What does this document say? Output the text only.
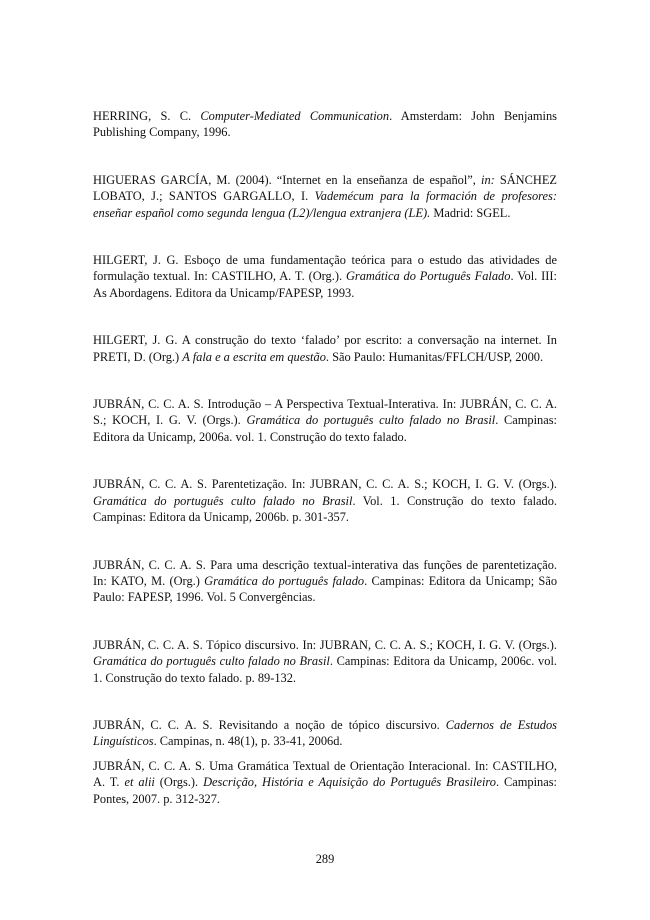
HERRING, S. C. Computer-Mediated Communication. Amsterdam: John Benjamins Publishing Company, 1996.

HIGUERAS GARCÍA, M. (2004). “Internet en la enseñanza de español”, in: SÁNCHEZ LOBATO, J.; SANTOS GARGALLO, I. Vademécum para la formación de profesores: enseñar español como segunda lengua (L2)/lengua extranjera (LE). Madrid: SGEL.

HILGERT, J. G. Esboço de uma fundamentação teórica para o estudo das atividades de formulação textual. In: CASTILHO, A. T. (Org.). Gramática do Português Falado. Vol. III: As Abordagens. Editora da Unicamp/FAPESP, 1993.

HILGERT, J. G. A construção do texto ‘falado’ por escrito: a conversação na internet. In PRETI, D. (Org.) A fala e a escrita em questão. São Paulo: Humanitas/FFLCH/USP, 2000.

JUBRÁN, C. C. A. S. Introdução – A Perspectiva Textual-Interativa. In: JUBRÁN, C. C. A. S.; KOCH, I. G. V. (Orgs.). Gramática do português culto falado no Brasil. Campinas: Editora da Unicamp, 2006a. vol. 1. Construção do texto falado.

JUBRÁN, C. C. A. S. Parentetização. In: JUBRAN, C. C. A. S.; KOCH, I. G. V. (Orgs.). Gramática do português culto falado no Brasil. Vol. 1. Construção do texto falado. Campinas: Editora da Unicamp, 2006b. p. 301-357.

JUBRÁN, C. C. A. S. Para uma descrição textual-interativa das funções de parentetização. In: KATO, M. (Org.) Gramática do português falado. Campinas: Editora da Unicamp; São Paulo: FAPESP, 1996. Vol. 5 Convergências.

JUBRÁN, C. C. A. S. Tópico discursivo. In: JUBRAN, C. C. A. S.; KOCH, I. G. V. (Orgs.). Gramática do português culto falado no Brasil. Campinas: Editora da Unicamp, 2006c. vol. 1. Construção do texto falado. p. 89-132.

JUBRÁN, C. C. A. S. Revisitando a noção de tópico discursivo. Cadernos de Estudos Linguísticos. Campinas, n. 48(1), p. 33-41, 2006d.

JUBRÁN, C. C. A. S. Uma Gramática Textual de Orientação Interacional. In: CASTILHO, A. T. et alii (Orgs.). Descrição, História e Aquisição do Português Brasileiro. Campinas: Pontes, 2007. p. 312-327.

289
